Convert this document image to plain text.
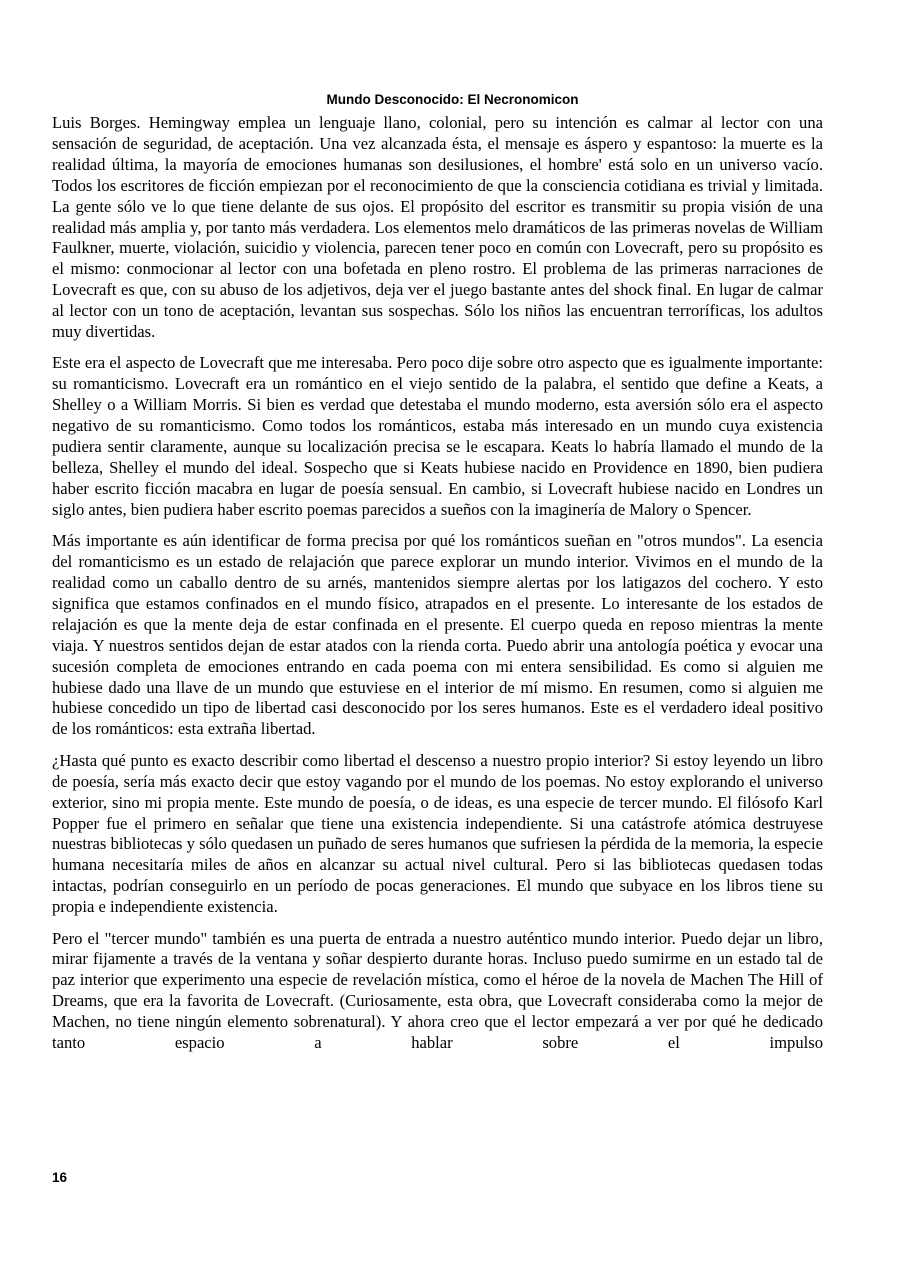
Mundo Desconocido: El Necronomicon

Luis Borges. Hemingway emplea un lenguaje llano, colonial, pero su intención es calmar al lector con una sensación de seguridad, de aceptación. Una vez alcanzada ésta, el mensaje es áspero y espantoso: la muerte es la realidad última, la mayoría de emociones humanas son desilusiones, el hombre' está solo en un universo vacío. Todos los escritores de ficción empiezan por el reconocimiento de que la consciencia cotidiana es trivial y limitada. La gente sólo ve lo que tiene delante de sus ojos. El propósito del escritor es transmitir su propia visión de una realidad más amplia y, por tanto más verdadera. Los elementos melo dramáticos de las primeras novelas de William Faulkner, muerte, violación, suicidio y violencia, parecen tener poco en común con Lovecraft, pero su propósito es el mismo: conmocionar al lector con una bofetada en pleno rostro. El problema de las primeras narraciones de Lovecraft es que, con su abuso de los adjetivos, deja ver el juego bastante antes del shock final. En lugar de calmar al lector con un tono de aceptación, levantan sus sospechas. Sólo los niños las encuentran terroríficas, los adultos muy divertidas.

Este era el aspecto de Lovecraft que me interesaba. Pero poco dije sobre otro aspecto que es igualmente importante: su romanticismo. Lovecraft era un romántico en el viejo sentido de la palabra, el sentido que define a Keats, a Shelley o a William Morris. Si bien es verdad que detestaba el mundo moderno, esta aversión sólo era el aspecto negativo de su romanticismo. Como todos los románticos, estaba más interesado en un mundo cuya existencia pudiera sentir claramente, aunque su localización precisa se le escapara. Keats lo habría llamado el mundo de la belleza, Shelley el mundo del ideal. Sospecho que si Keats hubiese nacido en Providence en 1890, bien pudiera haber escrito ficción macabra en lugar de poesía sensual. En cambio, si Lovecraft hubiese nacido en Londres un siglo antes, bien pudiera haber escrito poemas parecidos a sueños con la imaginería de Malory o Spencer.

Más importante es aún identificar de forma precisa por qué los románticos sueñan en "otros mundos". La esencia del romanticismo es un estado de relajación que parece explorar un mundo interior. Vivimos en el mundo de la realidad como un caballo dentro de su arnés, mantenidos siempre alertas por los latigazos del cochero. Y esto significa que estamos confinados en el mundo físico, atrapados en el presente. Lo interesante de los estados de relajación es que la mente deja de estar confinada en el presente. El cuerpo queda en reposo mientras la mente viaja. Y nuestros sentidos dejan de estar atados con la rienda corta. Puedo abrir una antología poética y evocar una sucesión completa de emociones entrando en cada poema con mi entera sensibilidad. Es como si alguien me hubiese dado una llave de un mundo que estuviese en el interior de mí mismo. En resumen, como si alguien me hubiese concedido un tipo de libertad casi desconocido por los seres humanos. Este es el verdadero ideal positivo de los románticos: esta extraña libertad.

¿Hasta qué punto es exacto describir como libertad el descenso a nuestro propio interior? Si estoy leyendo un libro de poesía, sería más exacto decir que estoy vagando por el mundo de los poemas. No estoy explorando el universo exterior, sino mi propia mente. Este mundo de poesía, o de ideas, es una especie de tercer mundo. El filósofo Karl Popper fue el primero en señalar que tiene una existencia independiente. Si una catástrofe atómica destruyese nuestras bibliotecas y sólo quedasen un puñado de seres humanos que sufriesen la pérdida de la memoria, la especie humana necesitaría miles de años en alcanzar su actual nivel cultural. Pero si las bibliotecas quedasen todas intactas, podrían conseguirlo en un período de pocas generaciones. El mundo que subyace en los libros tiene su propia e independiente existencia.

Pero el "tercer mundo" también es una puerta de entrada a nuestro auténtico mundo interior. Puedo dejar un libro, mirar fijamente a través de la ventana y soñar despierto durante horas. Incluso puedo sumirme en un estado tal de paz interior que experimento una especie de revelación mística, como el héroe de la novela de Machen The Hill of Dreams, que era la favorita de Lovecraft. (Curiosamente, esta obra, que Lovecraft consideraba como la mejor de Machen, no tiene ningún elemento sobrenatural). Y ahora creo que el lector empezará a ver por qué he dedicado tanto espacio a hablar sobre el impulso

16
